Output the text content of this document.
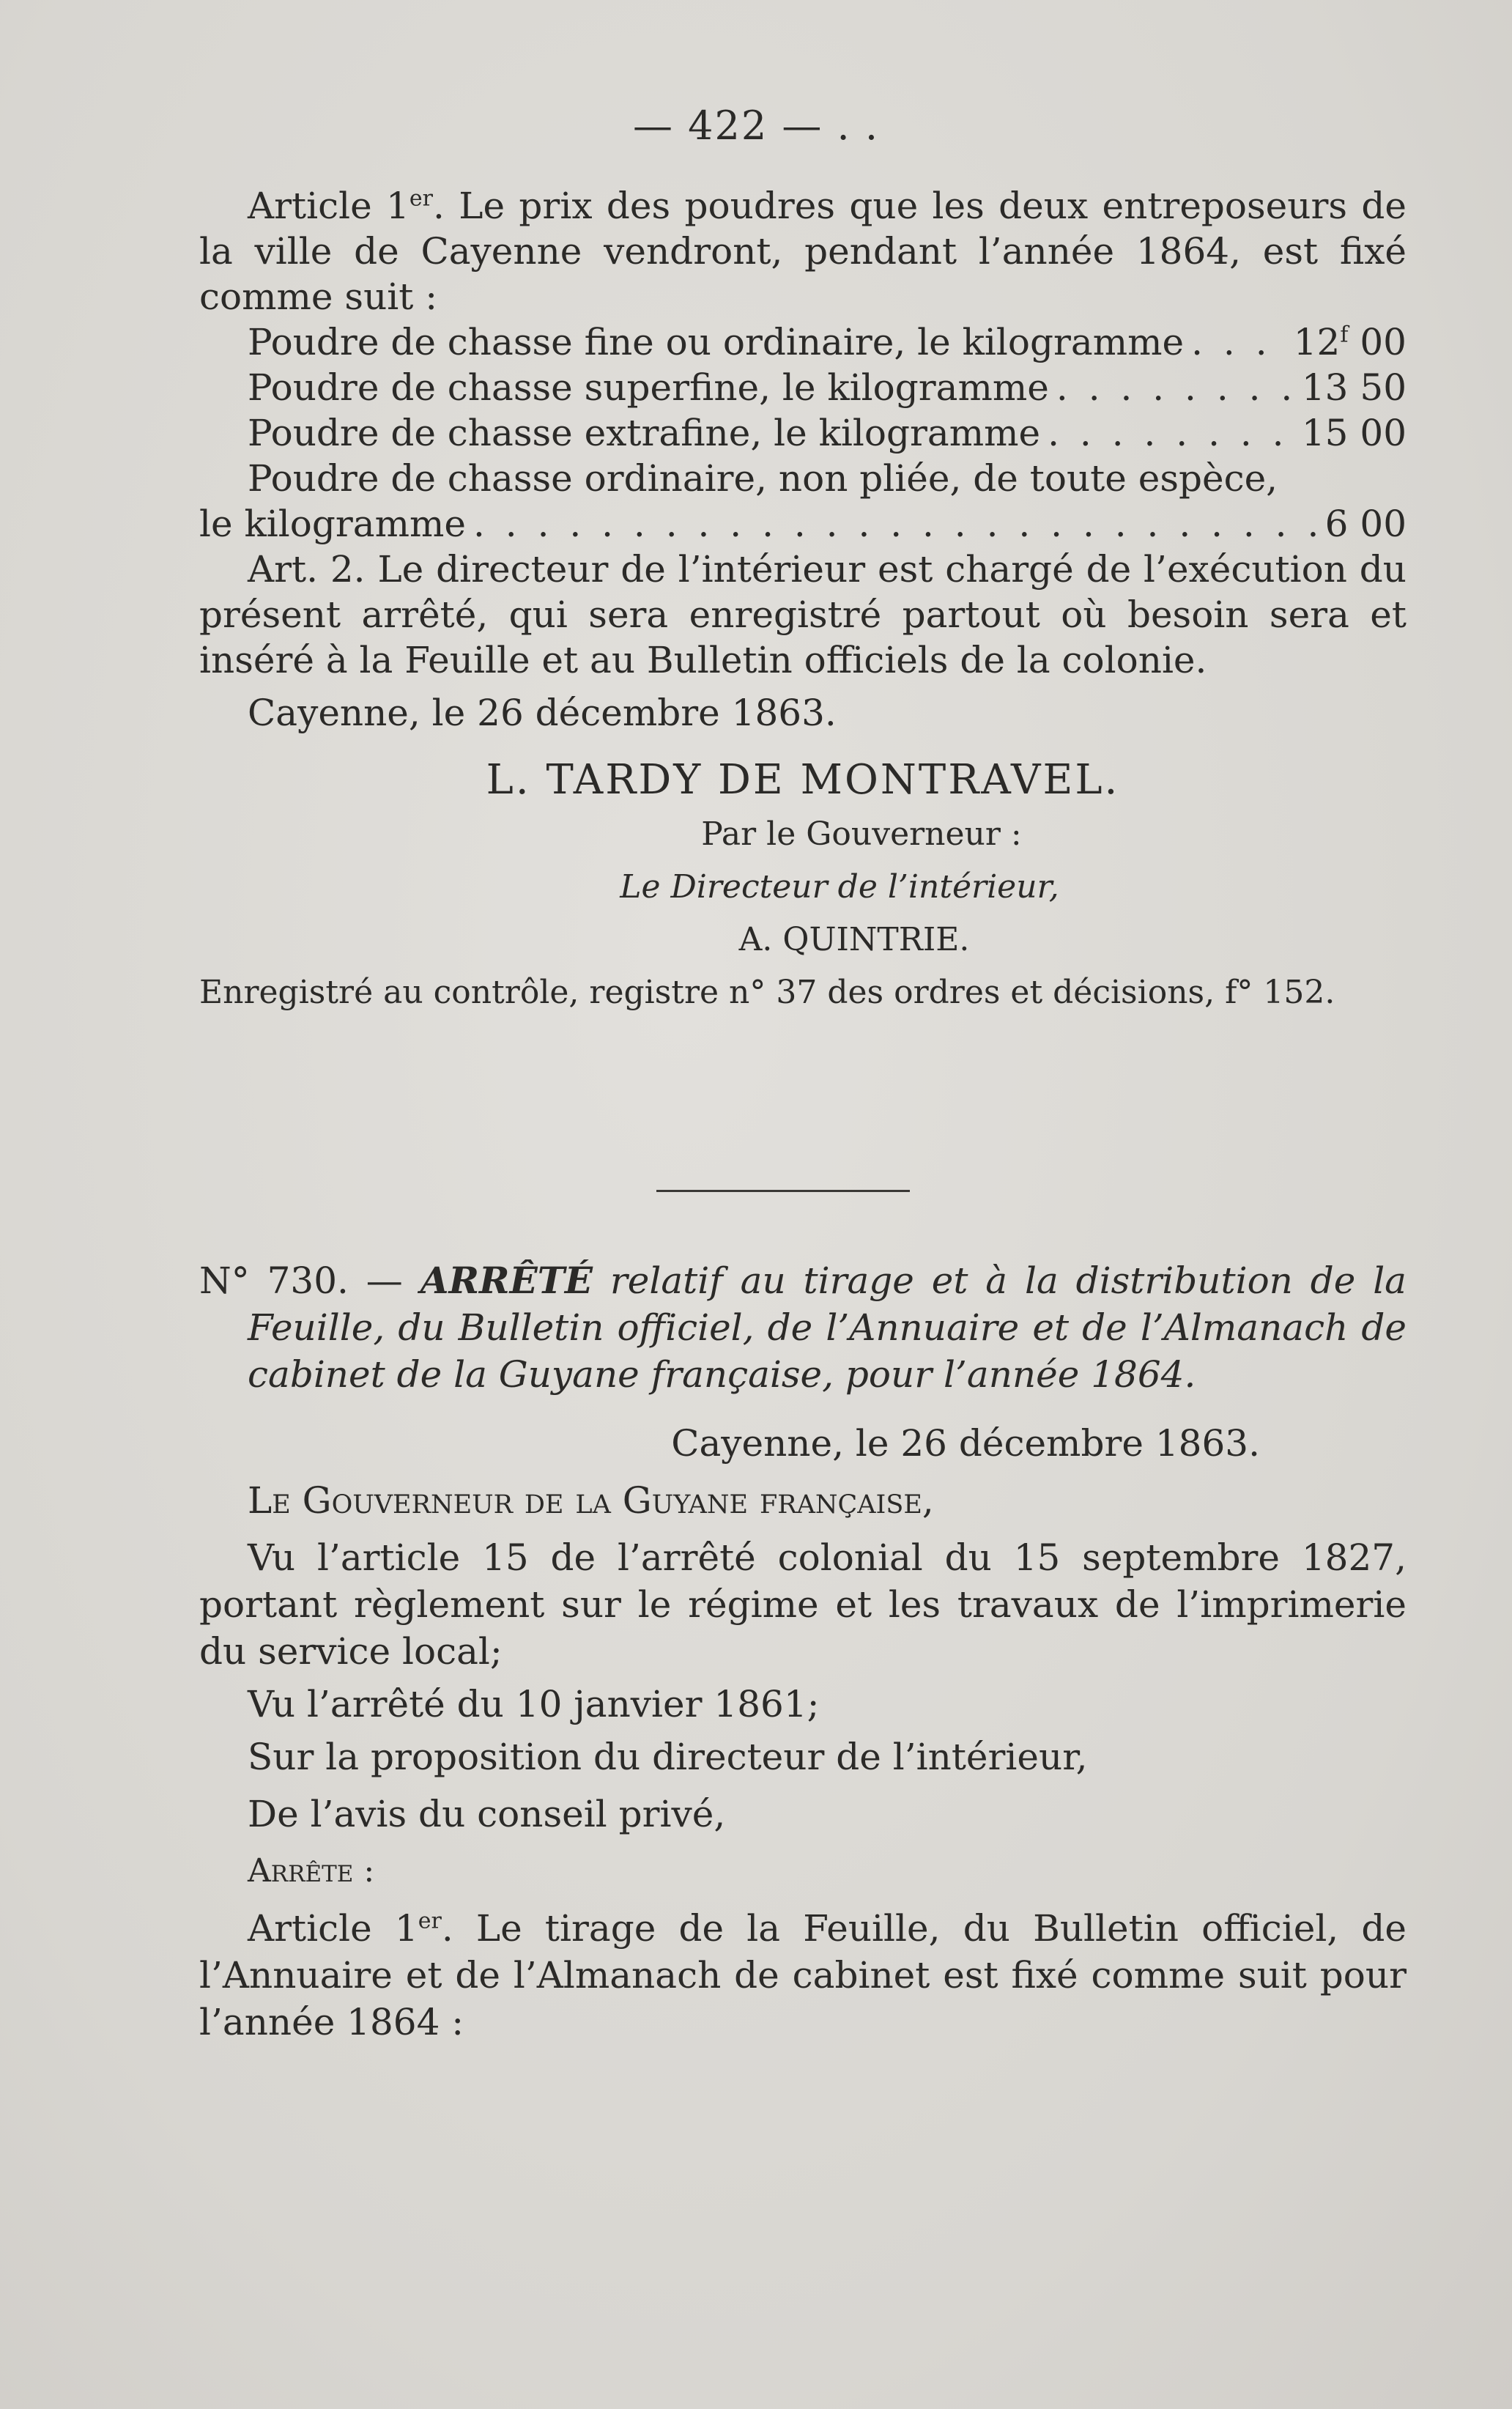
— 422 — . .

Article 1er. Le prix des poudres que les deux entreposeurs de la ville de Cayenne vendront, pendant l’année 1864, est fixé comme suit :

Poudre de chasse fine ou ordinaire, le kilogramme . . .	12$^f$ 00
Poudre de chasse superfine, le kilogramme . . .	13 50
Poudre de chasse extrafine, le kilogramme . . .	15 00
Poudre de chasse ordinaire, non pliée, de toute espèce,
le kilogramme . . .	6 00

Art. 2. Le directeur de l’intérieur est chargé de l’exécution du présent arrêté, qui sera enregistré partout où besoin sera et inséré à la Feuille et au Bulletin officiels de la colonie.

Cayenne, le 26 décembre 1863.

L. TARDY DE MONTRAVEL.

Par le Gouverneur :

Le Directeur de l’intérieur,

A. QUINTRIE.

Enregistré au contrôle, registre n° 37 des ordres et décisions, f° 152.

N° 730. — ARRÊTÉ relatif au tirage et à la distribution de la Feuille, du Bulletin officiel, de l’Annuaire et de l’Almanach de cabinet de la Guyane française, pour l’année 1864.

Cayenne, le 26 décembre 1863.

Le Gouverneur de la Guyane française,

Vu l’article 15 de l’arrêté colonial du 15 septembre 1827, portant règlement sur le régime et les travaux de l’imprimerie du service local;

Vu l’arrêté du 10 janvier 1861;

Sur la proposition du directeur de l’intérieur,

De l’avis du conseil privé,

Arrête :

Article 1er. Le tirage de la Feuille, du Bulletin officiel, de l’Annuaire et de l’Almanach de cabinet est fixé comme suit pour l’année 1864 :
